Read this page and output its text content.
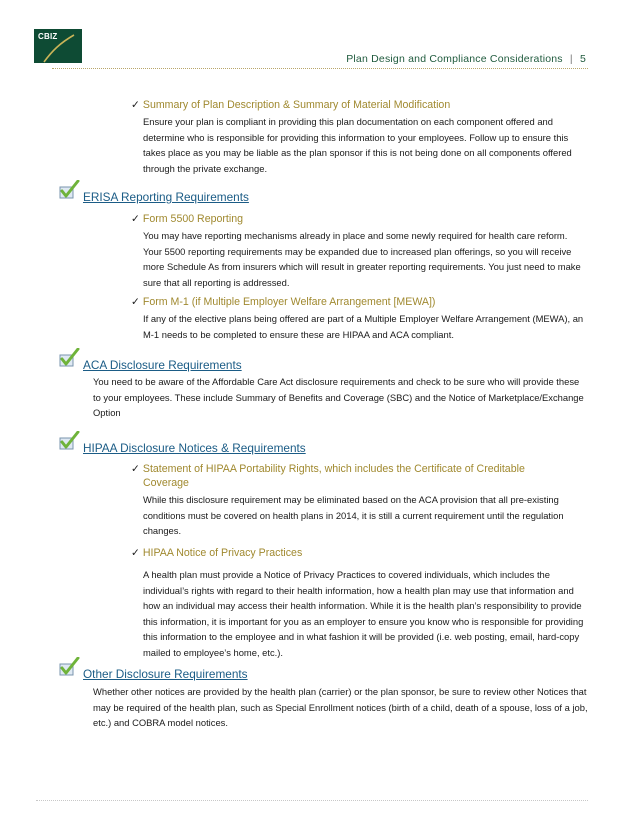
CBIZ
Plan Design and Compliance Considerations | 5
✓ Summary of Plan Description & Summary of Material Modification

Ensure your plan is compliant in providing this plan documentation on each component offered and determine who is responsible for providing this information to your employees. Follow up to ensure this takes place as you may be liable as the plan sponsor if this is not being done on all components offered through the private exchange.

ERISA Reporting Requirements
✓ Form 5500 Reporting

You may have reporting mechanisms already in place and some newly required for health care reform. Your 5500 reporting requirements may be expanded due to increased plan offerings, so you will receive more Schedule As from insurers which will result in greater reporting requirements. You just need to make sure that all reporting is addressed.

✓ Form M-1 (if Multiple Employer Welfare Arrangement [MEWA])

If any of the elective plans being offered are part of a Multiple Employer Welfare Arrangement (MEWA), an M-1 needs to be completed to ensure these are HIPAA and ACA compliant.

ACA Disclosure Requirements

You need to be aware of the Affordable Care Act disclosure requirements and check to be sure who will provide these to your employees. These include Summary of Benefits and Coverage (SBC) and the Notice of Marketplace/Exchange Option

HIPAA Disclosure Notices & Requirements
✓ Statement of HIPAA Portability Rights, which includes the Certificate of Creditable Coverage

While this disclosure requirement may be eliminated based on the ACA provision that all pre-existing conditions must be covered on health plans in 2014, it is still a current requirement until the regulation changes.

✓ HIPAA Notice of Privacy Practices

A health plan must provide a Notice of Privacy Practices to covered individuals, which includes the individual’s rights with regard to their health information, how a health plan may use that information and how an individual may access their health information. While it is the health plan’s responsibility to provide this information, it is important for you as an employer to ensure you know who is responsible for providing this information to the employee and in what fashion it will be provided (i.e. web posting, email, hard-copy mailed to employee’s home, etc.).

Other Disclosure Requirements

Whether other notices are provided by the health plan (carrier) or the plan sponsor, be sure to review other Notices that may be required of the health plan, such as Special Enrollment notices (birth of a child, death of a spouse, loss of a job, etc.) and COBRA model notices.
